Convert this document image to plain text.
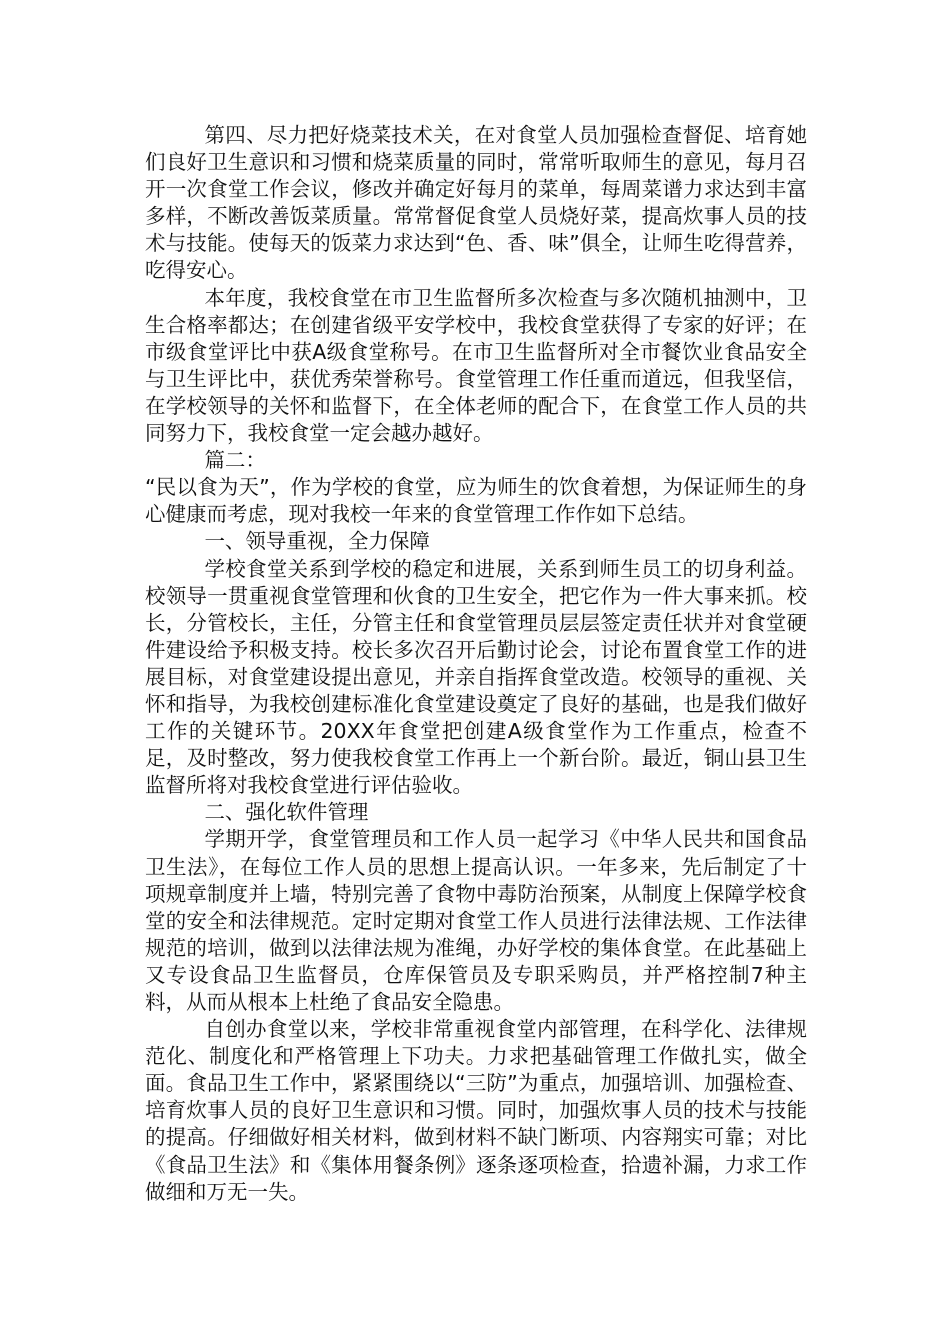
第四、尽力把好烧菜技术关，在对食堂人员加强检查督促、培育她们良好卫生意识和习惯和烧菜质量的同时，常常听取师生的意见，每月召开一次食堂工作会议，修改并确定好每月的菜单，每周菜谱力求达到丰富多样，不断改善饭菜质量。常常督促食堂人员烧好菜，提高炊事人员的技术与技能。使每天的饭菜力求达到“色、香、味”俱全，让师生吃得营养，吃得安心。

本年度，我校食堂在市卫生监督所多次检查与多次随机抽测中，卫生合格率都达；在创建省级平安学校中，我校食堂获得了专家的好评；在市级食堂评比中获A级食堂称号。在市卫生监督所对全市餐饮业食品安全与卫生评比中，获优秀荣誉称号。食堂管理工作任重而道远，但我坚信，在学校领导的关怀和监督下，在全体老师的配合下，在食堂工作人员的共同努力下，我校食堂一定会越办越好。

篇二：

“民以食为天”，作为学校的食堂，应为师生的饮食着想，为保证师生的身心健康而考虑，现对我校一年来的食堂管理工作作如下总结。

一、领导重视，全力保障

学校食堂关系到学校的稳定和进展，关系到师生员工的切身利益。校领导一贯重视食堂管理和伙食的卫生安全，把它作为一件大事来抓。校长，分管校长，主任，分管主任和食堂管理员层层签定责任状并对食堂硬件建设给予积极支持。校长多次召开后勤讨论会，讨论布置食堂工作的进展目标，对食堂建设提出意见，并亲自指挥食堂改造。校领导的重视、关怀和指导，为我校创建标准化食堂建设奠定了良好的基础，也是我们做好工作的关键环节。20XX年食堂把创建A级食堂作为工作重点，检查不足，及时整改，努力使我校食堂工作再上一个新台阶。最近，铜山县卫生监督所将对我校食堂进行评估验收。

二、强化软件管理

学期开学，食堂管理员和工作人员一起学习《中华人民共和国食品卫生法》，在每位工作人员的思想上提高认识。一年多来，先后制定了十项规章制度并上墙，特别完善了食物中毒防治预案，从制度上保障学校食堂的安全和法律规范。定时定期对食堂工作人员进行法律法规、工作法律规范的培训，做到以法律法规为准绳，办好学校的集体食堂。在此基础上又专设食品卫生监督员，仓库保管员及专职采购员，并严格控制7种主料，从而从根本上杜绝了食品安全隐患。

自创办食堂以来，学校非常重视食堂内部管理，在科学化、法律规范化、制度化和严格管理上下功夫。力求把基础管理工作做扎实，做全面。食品卫生工作中，紧紧围绕以“三防”为重点，加强培训、加强检查、培育炊事人员的良好卫生意识和习惯。同时，加强炊事人员的技术与技能的提高。仔细做好相关材料，做到材料不缺门断项、内容翔实可靠；对比《食品卫生法》和《集体用餐条例》逐条逐项检查，拾遗补漏，力求工作做细和万无一失。
